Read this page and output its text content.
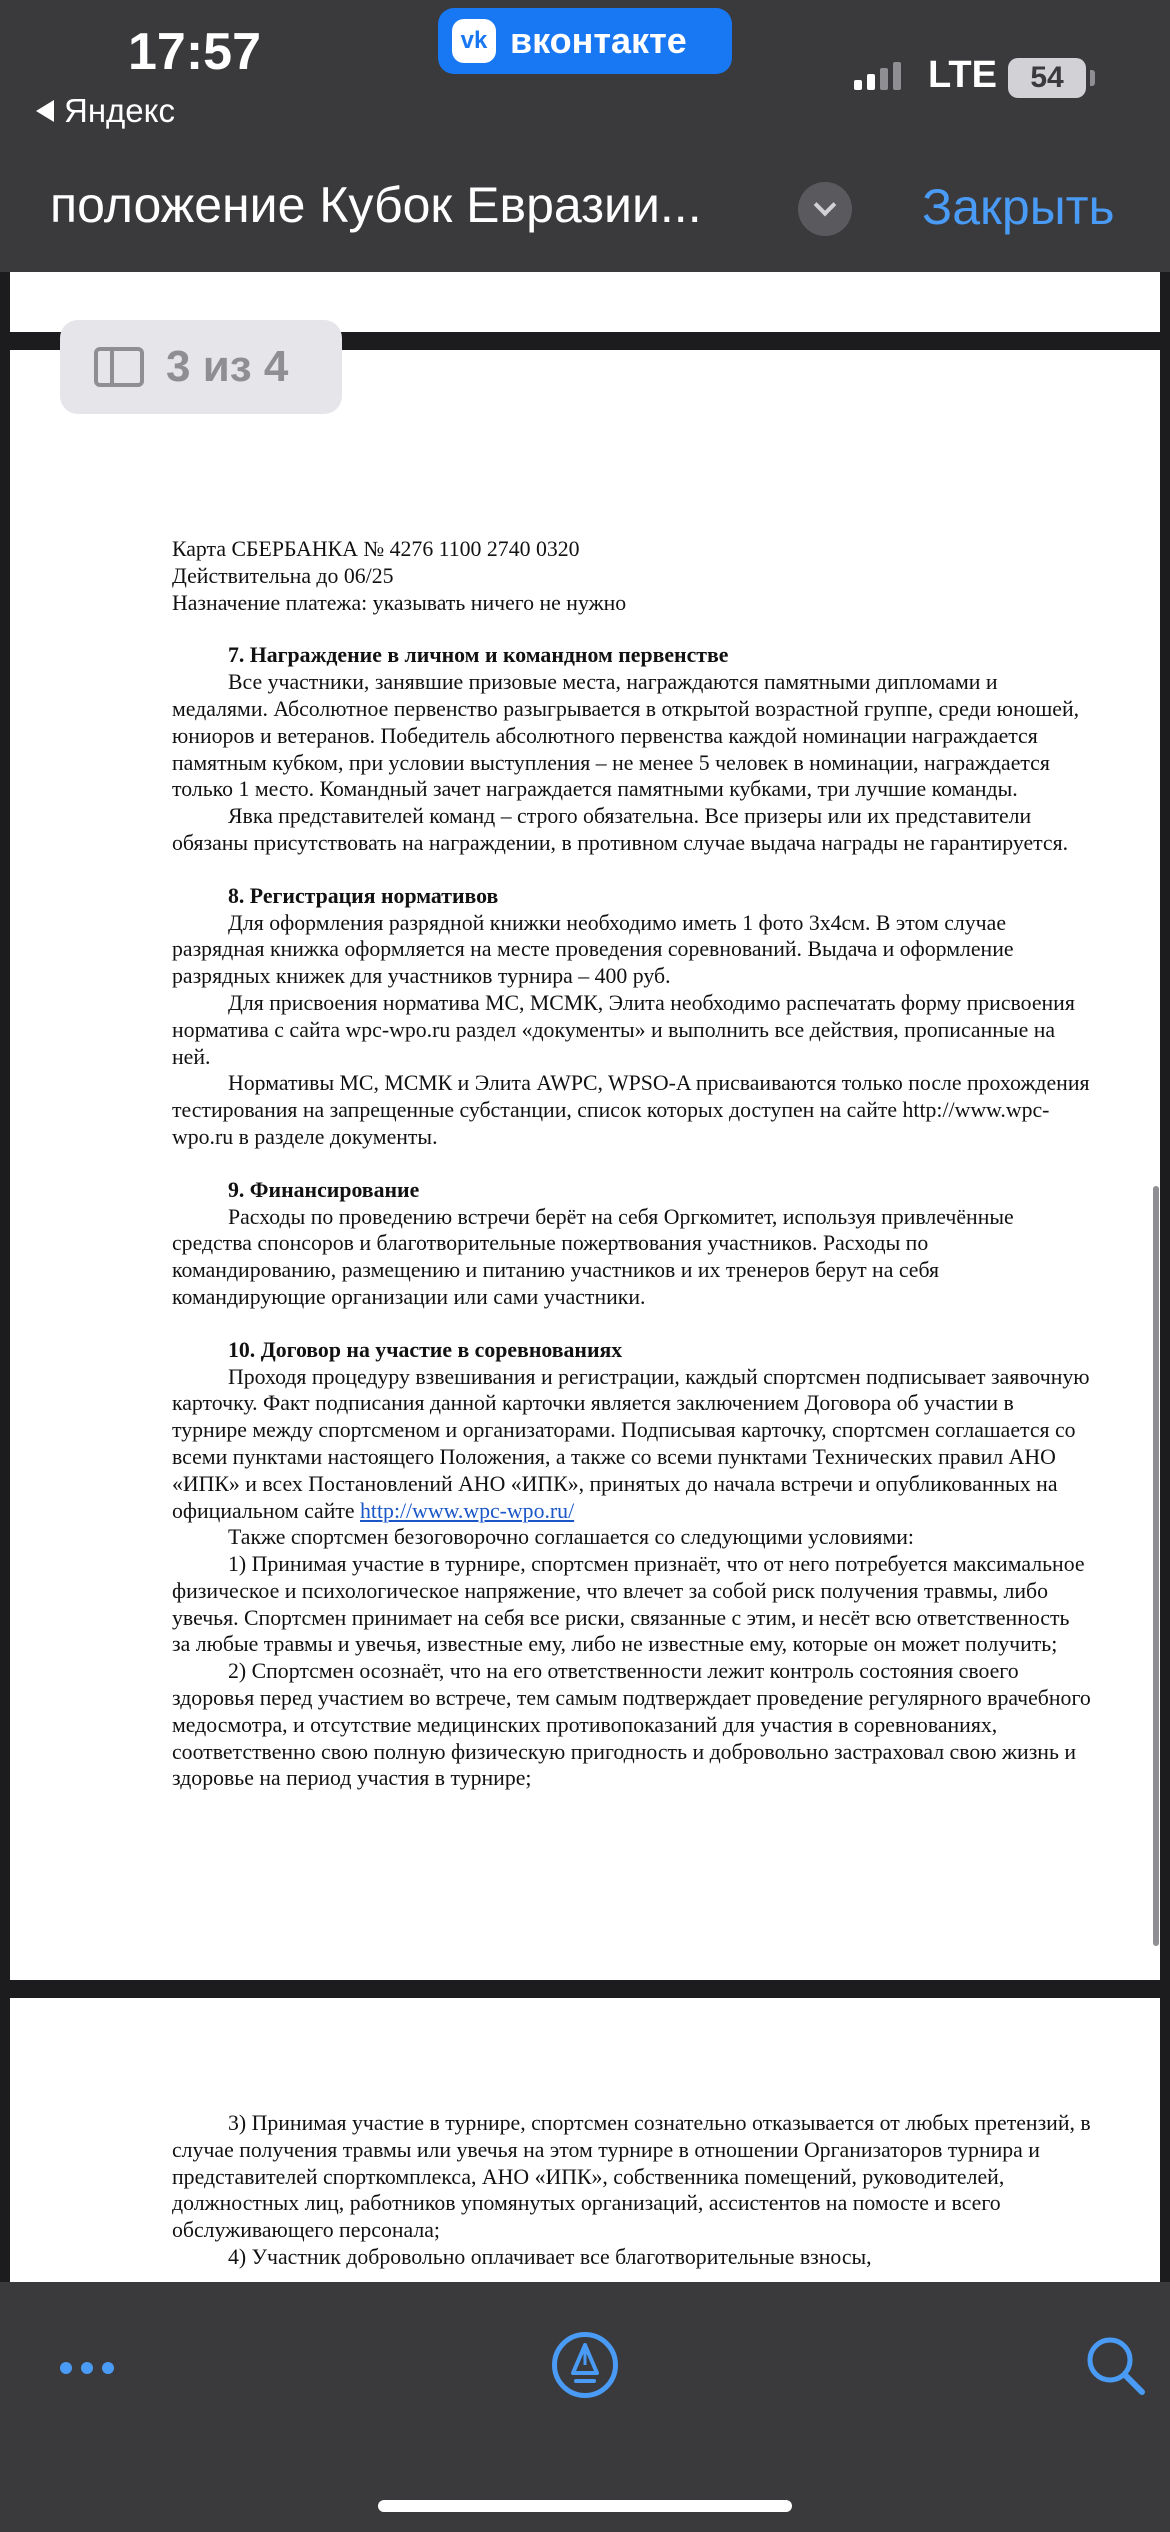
17:57
Яндекс
vk вконтакте
LTE 54
положение Кубок Евразии...	Закрыть

Карта СБЕРБАНКА № 4276 1100 2740 0320

Действительна до 06/25

Назначение платежа: указывать ничего не нужно

7. Награждение в личном и командном первенстве

Все участники, занявшие призовые места, награждаются памятными дипломами и медалями. Абсолютное первенство разыгрывается в открытой возрастной группе, среди юношей, юниоров и ветеранов. Победитель абсолютного первенства каждой номинации награждается памятным кубком, при условии выступления – не менее 5 человек в номинации, награждается только 1 место. Командный зачет награждается памятными кубками, три лучшие команды.

Явка представителей команд – строго обязательна. Все призеры или их представители обязаны присутствовать на награждении, в противном случае выдача награды не гарантируется.

8. Регистрация нормативов

Для оформления разрядной книжки необходимо иметь 1 фото 3х4см. В этом случае разрядная книжка оформляется на месте проведения соревнований. Выдача и оформление разрядных книжек для участников турнира – 400 руб.

Для присвоения норматива МС, МСМК, Элита необходимо распечатать форму присвоения норматива с сайта wpc-wpo.ru раздел «документы» и выполнить все действия, прописанные на ней.

Нормативы МС, МСМК и Элита AWPC, WPSO-A присваиваются только после прохождения тестирования на запрещенные субстанции, список которых доступен на сайте http://www.wpc-wpo.ru в разделе документы.

9. Финансирование

Расходы по проведению встречи берёт на себя Оргкомитет, используя привлечённые средства спонсоров и благотворительные пожертвования участников. Расходы по командированию, размещению и питанию участников и их тренеров берут на себя командирующие организации или сами участники.

10. Договор на участие в соревнованиях

Проходя процедуру взвешивания и регистрации, каждый спортсмен подписывает заявочную карточку. Факт подписания данной карточки является заключением Договора об участии в турнире между спортсменом и организаторами. Подписывая карточку, спортсмен соглашается со всеми пунктами настоящего Положения, а также со всеми пунктами Технических правил АНО «ИПК» и всех Постановлений АНО «ИПК», принятых до начала встречи и опубликованных на официальном сайте http://www.wpc-wpo.ru/

Также спортсмен безоговорочно соглашается со следующими условиями:

1) Принимая участие в турнире, спортсмен признаёт, что от него потребуется максимальное физическое и психологическое напряжение, что влечет за собой риск получения травмы, либо увечья. Спортсмен принимает на себя все риски, связанные с этим, и несёт всю ответственность за любые травмы и увечья, известные ему, либо не известные ему, которые он может получить;

2) Спортсмен осознаёт, что на его ответственности лежит контроль состояния своего здоровья перед участием во встрече, тем самым подтверждает проведение регулярного врачебного медосмотра, и отсутствие медицинских противопоказаний для участия в соревнованиях, соответственно свою полную физическую пригодность и добровольно застраховал свою жизнь и здоровье на период участия в турнире;

3) Принимая участие в турнире, спортсмен сознательно отказывается от любых претензий, в случае получения травмы или увечья на этом турнире в отношении Организаторов турнира и представителей спорткомплекса, АНО «ИПК», собственника помещений, руководителей, должностных лиц, работников упомянутых организаций, ассистентов на помосте и всего обслуживающего персонала;

4) Участник добровольно оплачивает все благотворительные взносы,

3 из 4
